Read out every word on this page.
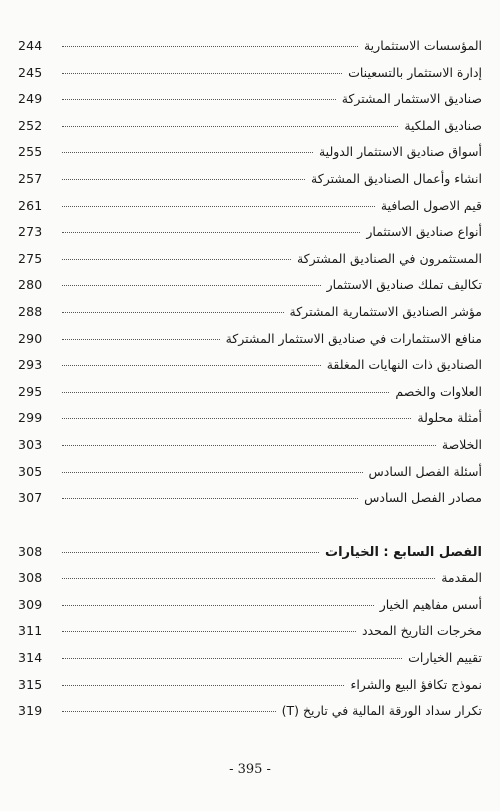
244	المؤسسات الاستثمارية
245	إدارة الاستثمار بالتسعينات
249	صناديق الاستثمار المشتركة
252	صناديق الملكية
255	أسواق صناديق الاستثمار الدولية
257	انشاء وأعمال الصناديق المشتركة
261	قيم الاصول الصافية
273	أنواع صناديق الاستثمار
275	المستثمرون في الصناديق المشتركة
280	تكاليف تملك صناديق الاستثمار
288	مؤشر الصناديق الاستثمارية المشتركة
290	منافع الاستثمارات في صناديق الاستثمار المشتركة
293	الصناديق ذات النهايات المغلقة
295	العلاوات والخصم
299	أمثلة محلولة
303	الخلاصة
305	أسئلة الفصل السادس
307	مصادر الفصل السادس
308	الفصل السابع : الخيارات
308	المقدمة
309	أسس مفاهيم الخيار
311	مخرجات التاريخ المحدد
314	تقييم الخيارات
315	نموذج تكافؤ البيع والشراء
319	تكرار سداد الورقة المالية في تاريخ (T)
- 395 -
